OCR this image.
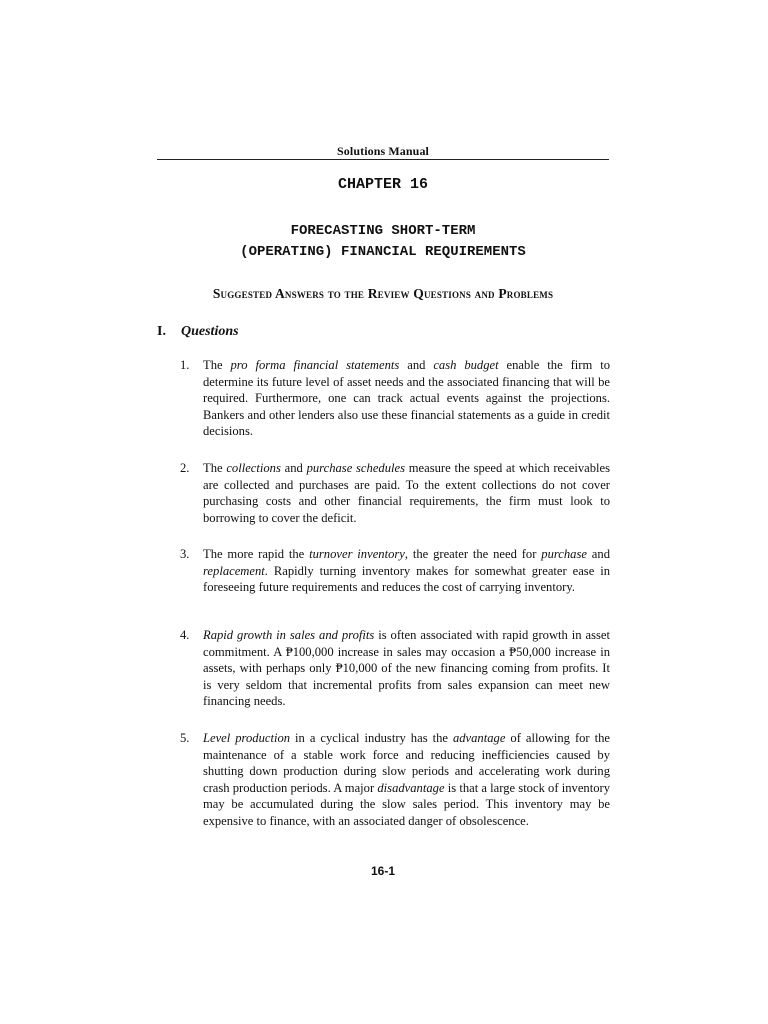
Solutions Manual
CHAPTER 16
FORECASTING SHORT-TERM
(OPERATING) FINANCIAL REQUIREMENTS
Suggested Answers to the Review Questions and Problems
I. Questions
1.	The pro forma financial statements and cash budget enable the firm to determine its future level of asset needs and the associated financing that will be required. Furthermore, one can track actual events against the projections. Bankers and other lenders also use these financial statements as a guide in credit decisions.
2.	The collections and purchase schedules measure the speed at which receivables are collected and purchases are paid. To the extent collections do not cover purchasing costs and other financial requirements, the firm must look to borrowing to cover the deficit.
3.	The more rapid the turnover inventory, the greater the need for purchase and replacement. Rapidly turning inventory makes for somewhat greater ease in foreseeing future requirements and reduces the cost of carrying inventory.
4.	Rapid growth in sales and profits is often associated with rapid growth in asset commitment. A ₱100,000 increase in sales may occasion a ₱50,000 increase in assets, with perhaps only ₱10,000 of the new financing coming from profits. It is very seldom that incremental profits from sales expansion can meet new financing needs.
5.	Level production in a cyclical industry has the advantage of allowing for the maintenance of a stable work force and reducing inefficiencies caused by shutting down production during slow periods and accelerating work during crash production periods. A major disadvantage is that a large stock of inventory may be accumulated during the slow sales period. This inventory may be expensive to finance, with an associated danger of obsolescence.
16-1
